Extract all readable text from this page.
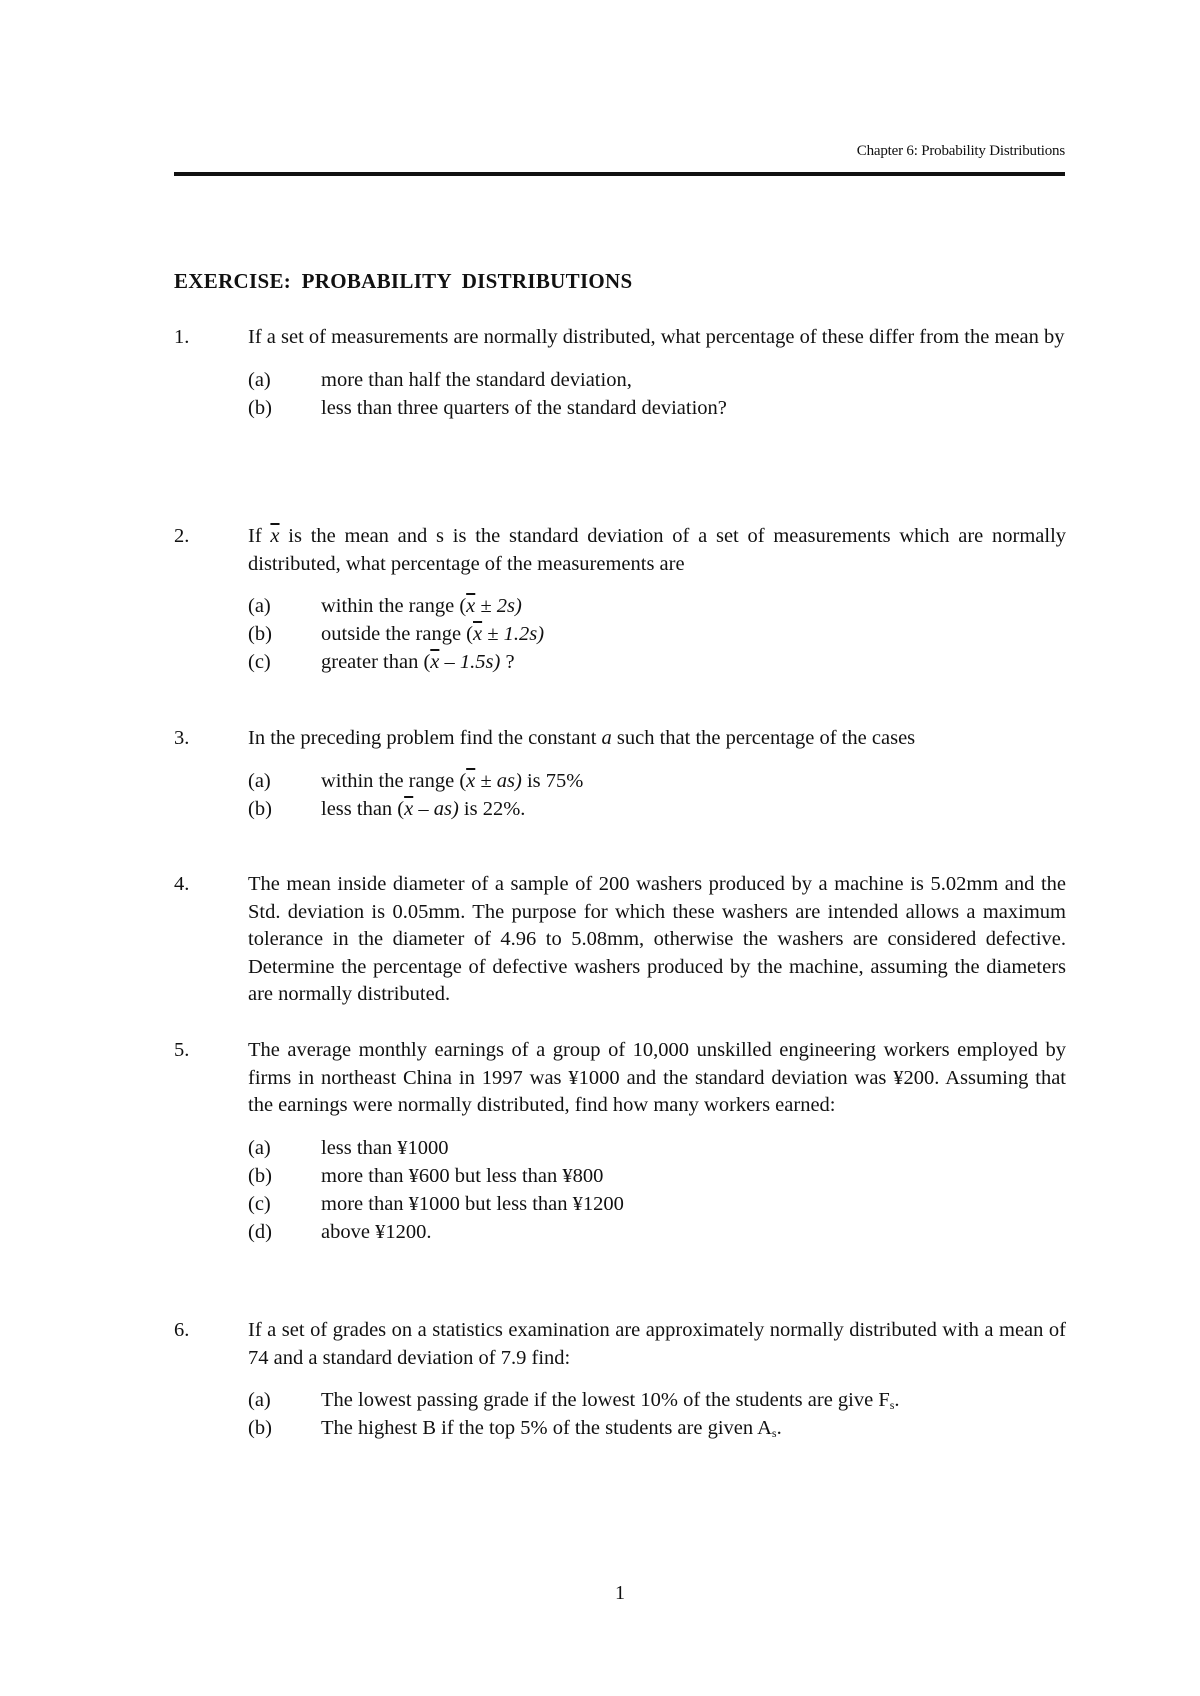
Chapter 6: Probability Distributions
EXERCISE: PROBABILITY DISTRIBUTIONS
1.	If a set of measurements are normally distributed, what percentage of these differ from the mean by
(a) more than half the standard deviation,
(b) less than three quarters of the standard deviation?
2.	If $\overline{x}$ is the mean and s is the standard deviation of a set of measurements which are normally distributed, what percentage of the measurements are
(a) within the range $(\overline{x} \pm 2s)$
(b) outside the range $(\overline{x} \pm 1.2s)$
(c) greater than $(\overline{x} - 1.5s)$ ?
3.	In the preceding problem find the constant a such that the percentage of the cases
(a) within the range $(\overline{x} \pm as)$ is 75%
(b) less than $(\overline{x} - as)$ is 22%.
4.	The mean inside diameter of a sample of 200 washers produced by a machine is 5.02mm and the Std. deviation is 0.05mm. The purpose for which these washers are intended allows a maximum tolerance in the diameter of 4.96 to 5.08mm, otherwise the washers are considered defective. Determine the percentage of defective washers produced by the machine, assuming the diameters are normally distributed.
5.	The average monthly earnings of a group of 10,000 unskilled engineering workers employed by firms in northeast China in 1997 was ¥1000 and the standard deviation was ¥200. Assuming that the earnings were normally distributed, find how many workers earned:
(a) less than ¥1000
(b) more than ¥600 but less than ¥800
(c) more than ¥1000 but less than ¥1200
(d) above ¥1200.
6.	If a set of grades on a statistics examination are approximately normally distributed with a mean of 74 and a standard deviation of 7.9 find:
(a) The lowest passing grade if the lowest 10% of the students are give $F_s$.
(b) The highest B if the top 5% of the students are given $A_s$.
1
